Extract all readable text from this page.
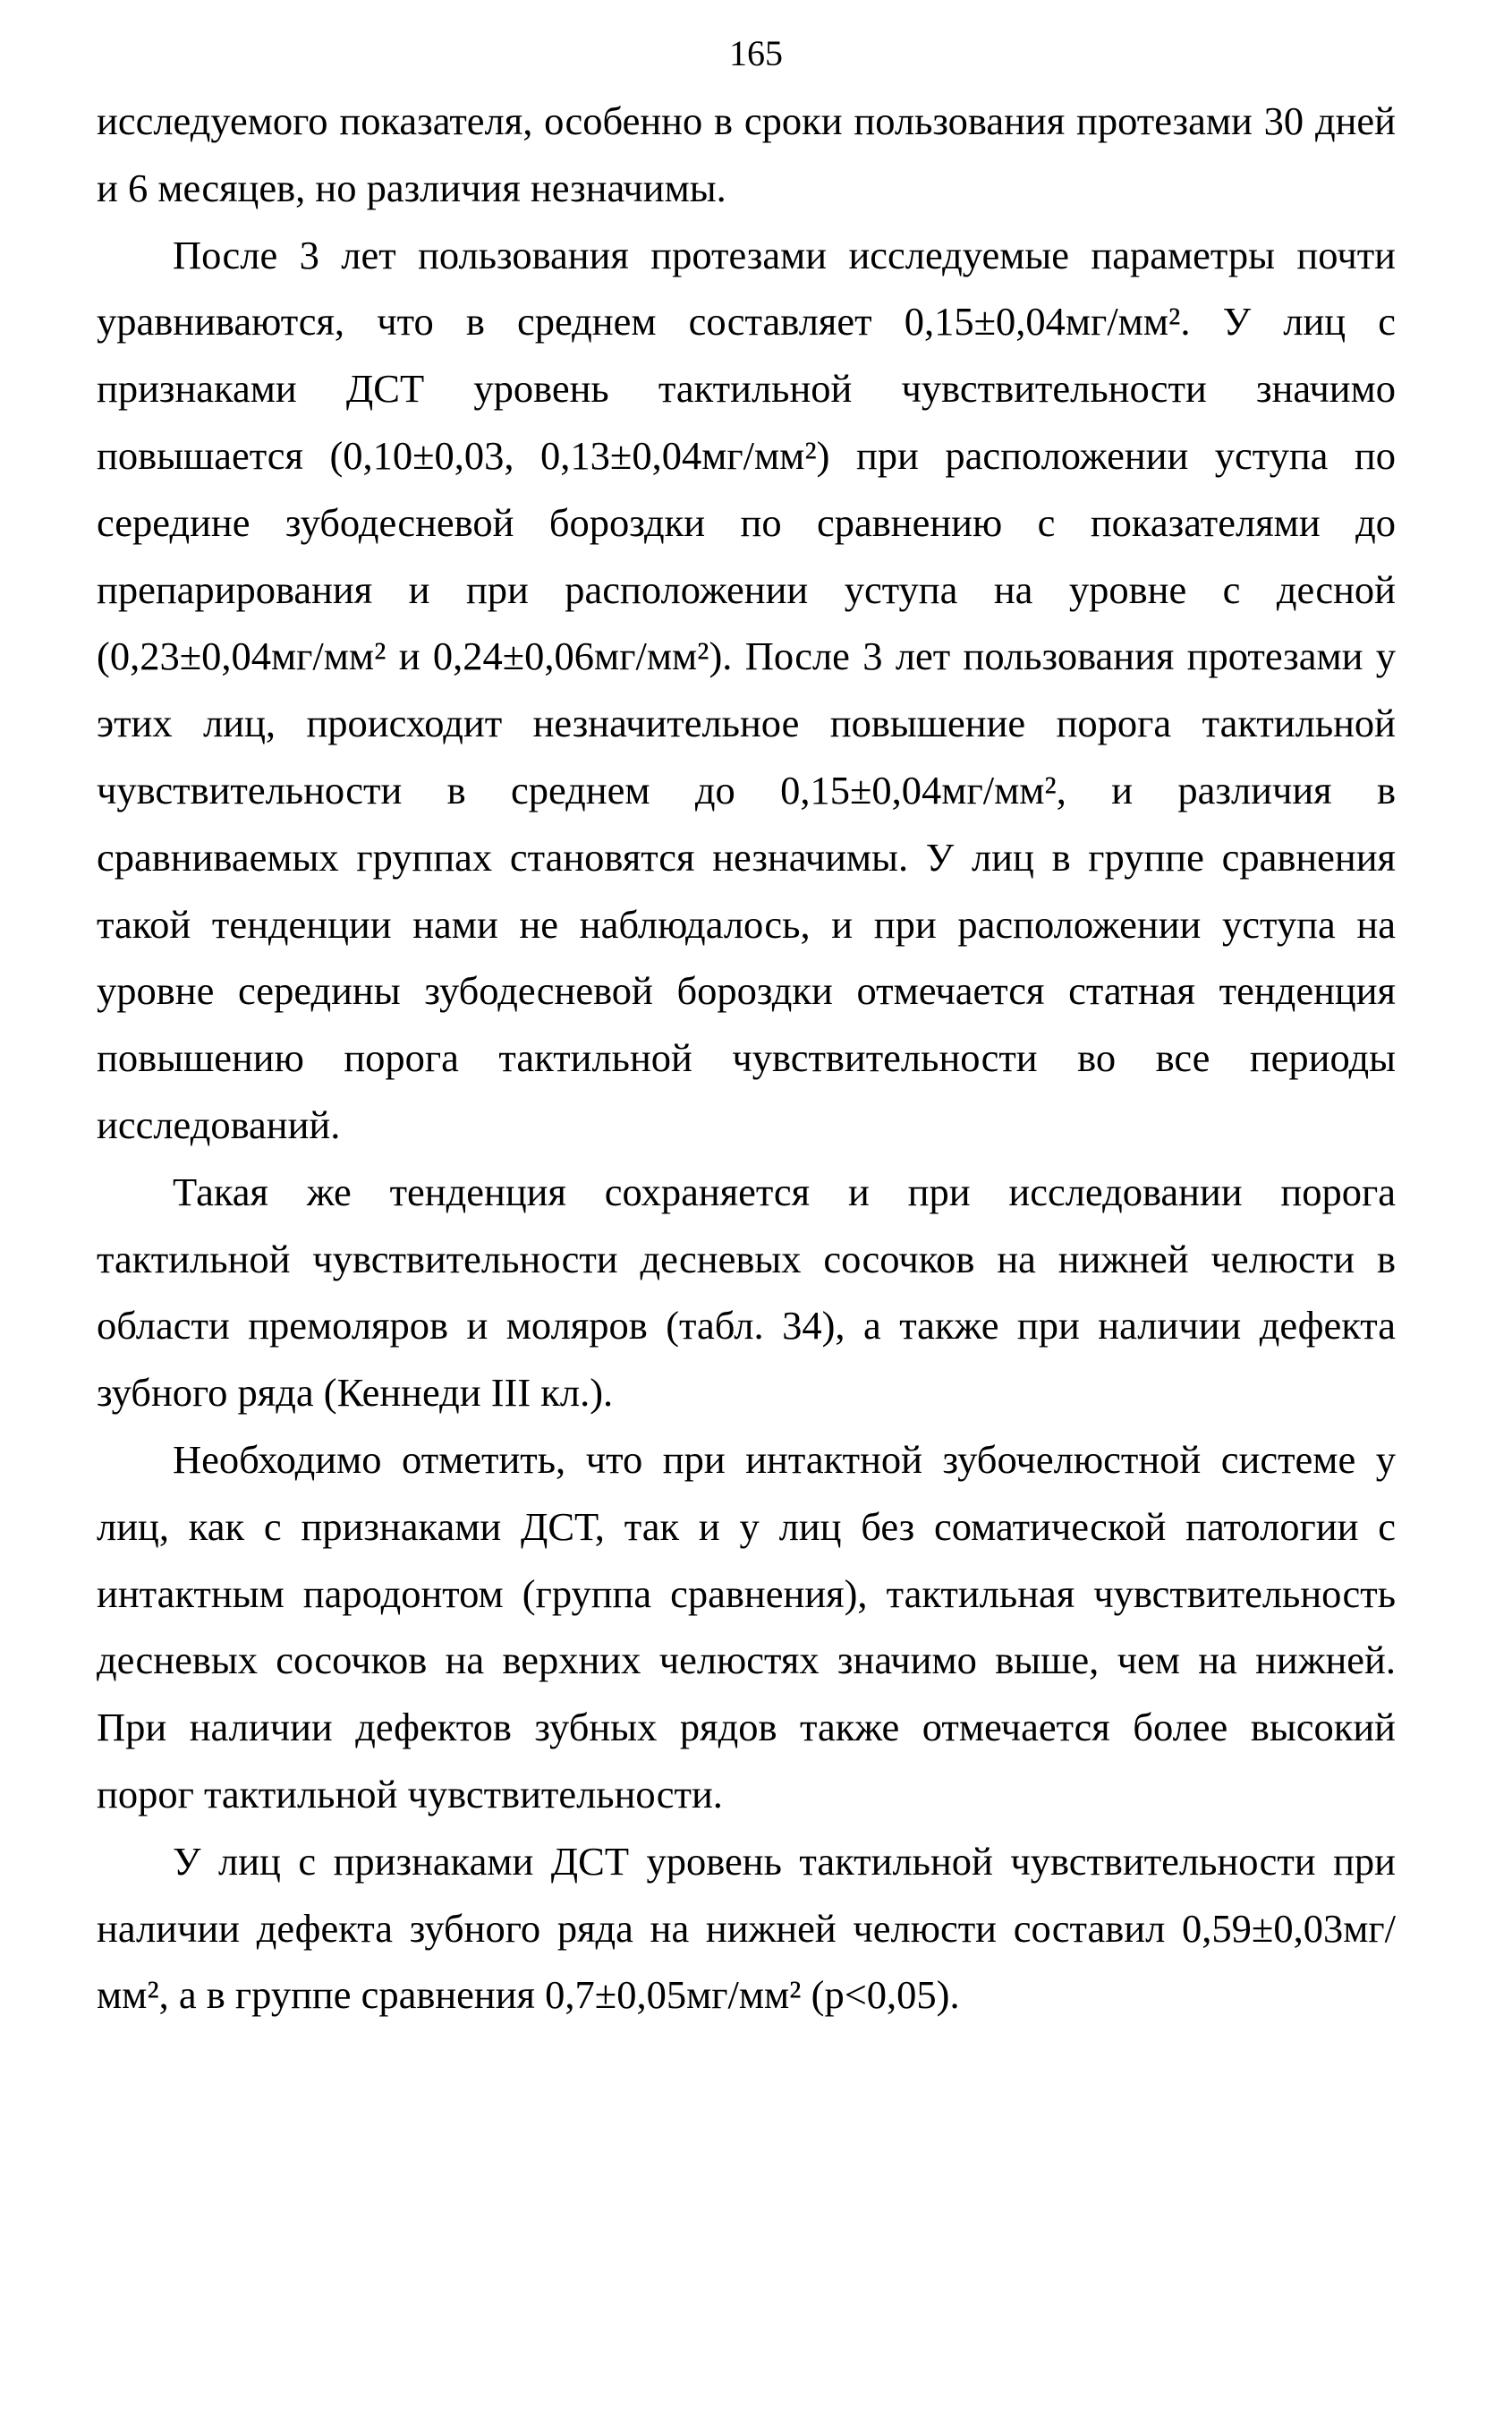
165

исследуемого показателя, особенно в сроки пользования протезами 30 дней и 6 месяцев, но различия незначимы.

После 3 лет пользования протезами исследуемые параметры почти уравниваются, что в среднем составляет 0,15±0,04мг/мм². У лиц с признаками ДСТ уровень тактильной чувствительности значимо повышается (0,10±0,03, 0,13±0,04мг/мм²) при расположении уступа по середине зубодесневой бороздки по сравнению с показателями до препарирования и при расположении уступа на уровне с десной (0,23±0,04мг/мм² и 0,24±0,06мг/мм²). После 3 лет пользования протезами у этих лиц, происходит незначительное повышение порога тактильной чувствительности в среднем до 0,15±0,04мг/мм², и различия в сравниваемых группах становятся незначимы. У лиц в группе сравнения такой тенденции нами не наблюдалось, и при расположении уступа на уровне середины зубодесневой бороздки отмечается статная тенденция повышению порога тактильной чувствительности во все периоды исследований.

Такая же тенденция сохраняется и при исследовании порога тактильной чувствительности десневых сосочков на нижней челюсти в области премоляров и моляров (табл. 34), а также при наличии дефекта зубного ряда (Кеннеди III кл.).

Необходимо отметить, что при интактной зубочелюстной системе у лиц, как с признаками ДСТ, так и у лиц без соматической патологии с интактным пародонтом (группа сравнения), тактильная чувствительность десневых сосочков на верхних челюстях значимо выше, чем на нижней. При наличии дефектов зубных рядов также отмечается более высокий порог тактильной чувствительности.

У лиц с признаками ДСТ уровень тактильной чувствительности при наличии дефекта зубного ряда на нижней челюсти составил 0,59±0,03мг/мм², а в группе сравнения 0,7±0,05мг/мм² (р<0,05).
